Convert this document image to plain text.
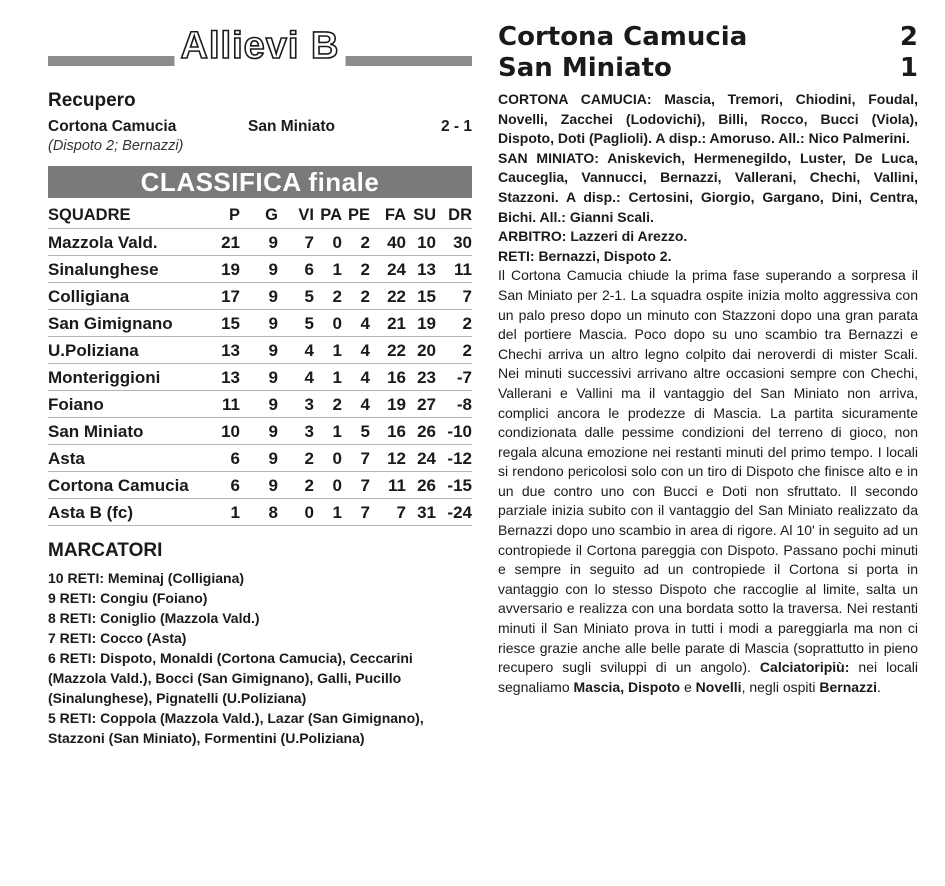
Allievi B
Recupero
Cortona Camucia	San Miniato	2 - 1
(Dispoto 2; Bernazzi)
CLASSIFICA finale
SQUADRE	P	G	VI	PA	PE	FA	SU	DR
Mazzola Vald.	21	9	7	0	2	40	10	30
Sinalunghese	19	9	6	1	2	24	13	11
Colligiana	17	9	5	2	2	22	15	7
San Gimignano	15	9	5	0	4	21	19	2
U.Poliziana	13	9	4	1	4	22	20	2
Monteriggioni	13	9	4	1	4	16	23	-7
Foiano	11	9	3	2	4	19	27	-8
San Miniato	10	9	3	1	5	16	26	-10
Asta	6	9	2	0	7	12	24	-12
Cortona Camucia	6	9	2	0	7	11	26	-15
Asta B (fc)	1	8	0	1	7	7	31	-24
MARCATORI

10 RETI: Meminaj (Colligiana)

9 RETI: Congiu (Foiano)

8 RETI: Coniglio (Mazzola Vald.)

7 RETI: Cocco (Asta)

6 RETI: Dispoto, Monaldi (Cortona Camucia), Ceccarini (Mazzola Vald.), Bocci (San Gimignano), Galli, Pucillo (Sinalunghese), Pignatelli (U.Poliziana)

5 RETI: Coppola (Mazzola Vald.), Lazar (San Gimignano), Stazzoni (San Miniato), Formentini (U.Poliziana)

Cortona Camucia	2
San Miniato	1

CORTONA CAMUCIA: Mascia, Tremori, Chiodini, Foudal, Novelli, Zacchei (Lodovichi), Billi, Rocco, Bucci (Viola), Dispoto, Doti (Paglioli). A disp.: Amoruso. All.: Nico Palmerini.

SAN MINIATO: Aniskevich, Hermenegildo, Luster, De Luca, Cauceglia, Vannucci, Bernazzi, Vallerani, Chechi, Vallini, Stazzoni. A disp.: Certosini, Giorgio, Gargano, Dini, Centra, Bichi. All.: Gianni Scali.

ARBITRO: Lazzeri di Arezzo.

RETI: Bernazzi, Dispoto 2.

Il Cortona Camucia chiude la prima fase superando a sorpresa il San Miniato per 2-1. La squadra ospite inizia molto aggressiva con un palo preso dopo un minuto con Stazzoni dopo una gran parata del portiere Mascia. Poco dopo su uno scambio tra Bernazzi e Chechi arriva un altro legno colpito dai neroverdi di mister Scali. Nei minuti successivi arrivano altre occasioni sempre con Chechi, Vallerani e Vallini ma il vantaggio del San Miniato non arriva, complici ancora le prodezze di Mascia. La partita sicuramente condizionata dalle pessime condizioni del terreno di gioco, non regala alcuna emozione nei restanti minuti del primo tempo. I locali si rendono pericolosi solo con un tiro di Dispoto che finisce alto e in un due contro uno con Bucci e Doti non sfruttato. Il secondo parziale inizia subito con il vantaggio del San Miniato realizzato da Bernazzi dopo uno scambio in area di rigore. Al 10' in seguito ad un contropiede il Cortona pareggia con Dispoto. Passano pochi minuti e sempre in seguito ad un contropiede il Cortona si porta in vantaggio con lo stesso Dispoto che raccoglie al limite, salta un avversario e realizza con una bordata sotto la traversa. Nei restanti minuti il San Miniato prova in tutti i modi a pareggiarla ma non ci riesce grazie anche alle belle parate di Mascia (soprattutto in pieno recupero sugli sviluppi di un angolo). Calciatoripiù: nei locali segnaliamo Mascia, Dispoto e Novelli, negli ospiti Bernazzi.
